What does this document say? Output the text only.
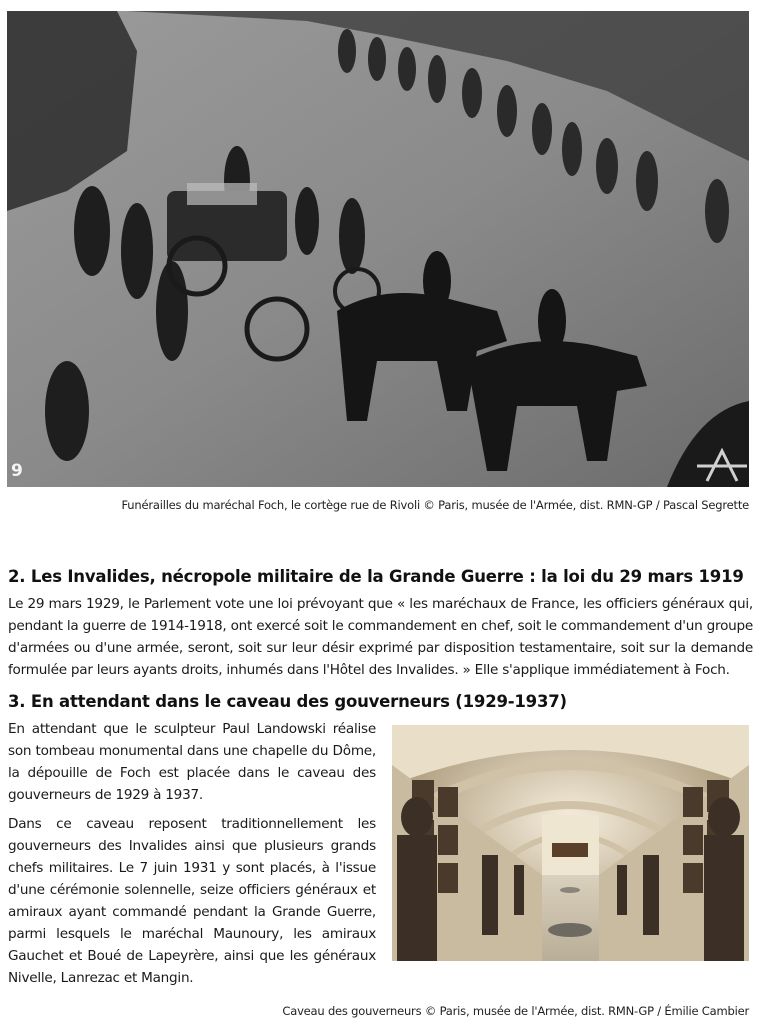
9
Funérailles du maréchal Foch, le cortège rue de Rivoli © Paris, musée de l'Armée, dist. RMN-GP / Pascal Segrette
2. Les Invalides, nécropole militaire de la Grande Guerre : la loi du 29 mars 1919
Le 29 mars 1929, le Parlement vote une loi prévoyant que « les maréchaux de France, les officiers généraux qui, pendant la guerre de 1914-1918, ont exercé soit le commandement en chef, soit le commandement d'un groupe d'armées ou d'une armée, seront, soit sur leur désir exprimé par disposition testamentaire, soit sur la demande formulée par leurs ayants droits, inhumés dans l'Hôtel des Invalides. » Elle s'applique immédiatement à Foch.
3. En attendant dans le caveau des gouverneurs (1929-1937)
En attendant que le sculpteur Paul Landowski réalise son tombeau monumental dans une chapelle du Dôme, la dépouille de Foch est placée dans le caveau des gouverneurs de 1929 à 1937.
Dans ce caveau reposent traditionnellement les gouverneurs des Invalides ainsi que plusieurs grands chefs militaires. Le 7 juin 1931 y sont placés, à l'issue d'une cérémonie solennelle, seize officiers généraux et amiraux ayant commandé pendant la Grande Guerre, parmi lesquels le maréchal Maunoury, les amiraux Gauchet et Boué de Lapeyrère, ainsi que les généraux Nivelle, Lanrezac et Mangin.
Caveau des gouverneurs © Paris, musée de l'Armée, dist. RMN-GP / Émilie Cambier
